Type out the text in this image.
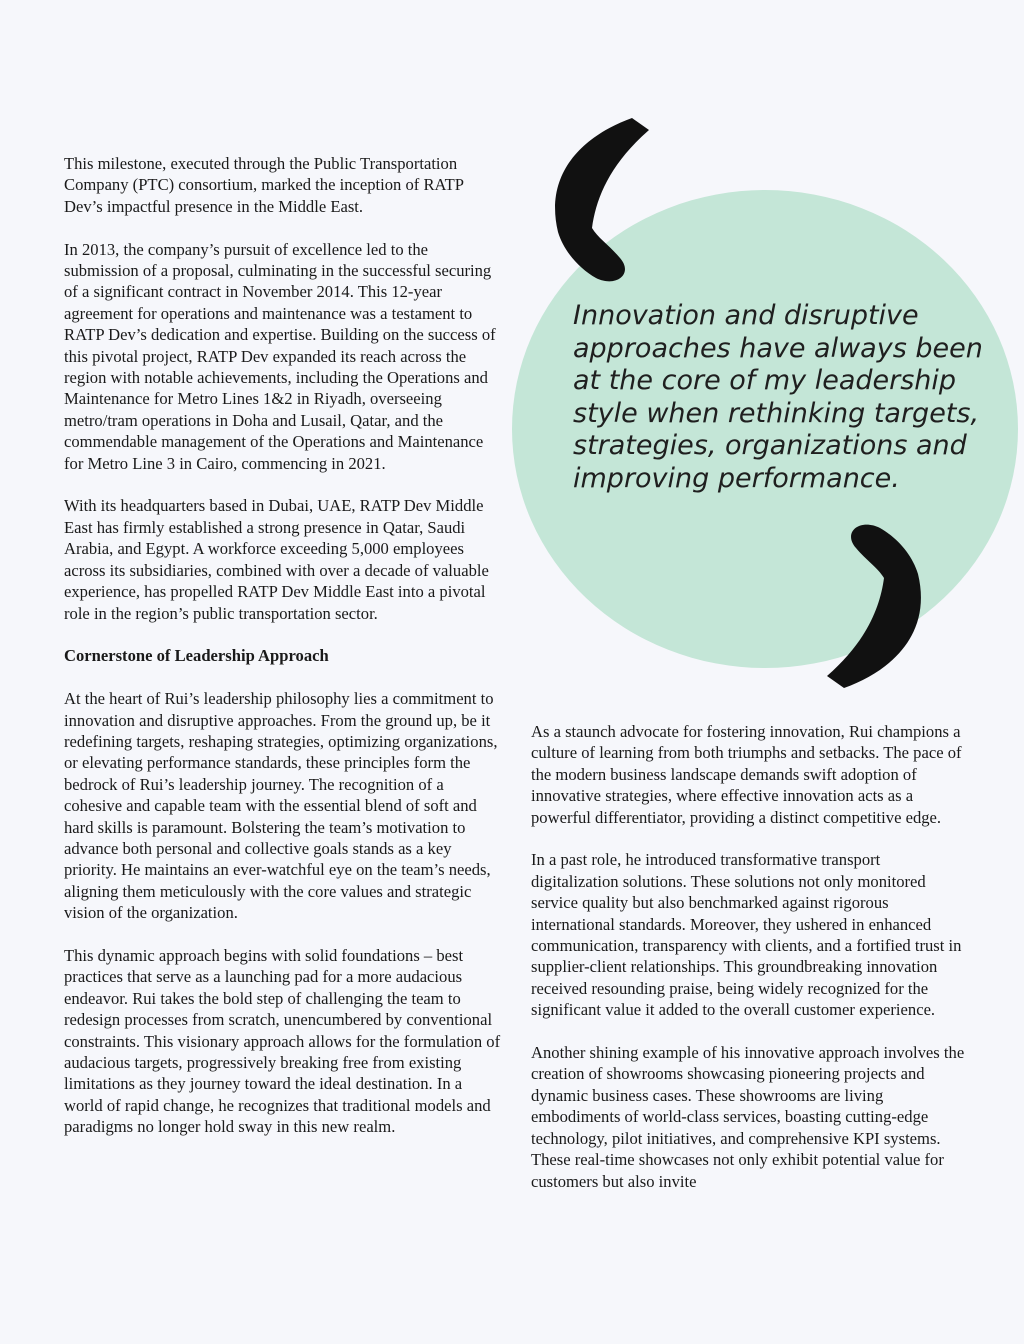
This milestone, executed through the Public Transportation Company (PTC) consortium, marked the inception of RATP Dev’s impactful presence in the Middle East.

In 2013, the company’s pursuit of excellence led to the submission of a proposal, culminating in the successful securing of a significant contract in November 2014. This 12-year agreement for operations and maintenance was a testament to RATP Dev’s dedication and expertise. Building on the success of this pivotal project, RATP Dev expanded its reach across the region with notable achievements, including the Operations and Maintenance for Metro Lines 1&2 in Riyadh, overseeing metro/tram operations in Doha and Lusail, Qatar, and the commendable management of the Operations and Maintenance for Metro Line 3 in Cairo, commencing in 2021.

With its headquarters based in Dubai, UAE, RATP Dev Middle East has firmly established a strong presence in Qatar, Saudi Arabia, and Egypt. A workforce exceeding 5,000 employees across its subsidiaries, combined with over a decade of valuable experience, has propelled RATP Dev Middle East into a pivotal role in the region’s public transportation sector.

Cornerstone of Leadership Approach

At the heart of Rui’s leadership philosophy lies a commitment to innovation and disruptive approaches. From the ground up, be it redefining targets, reshaping strategies, optimizing organizations, or elevating performance standards, these principles form the bedrock of Rui’s leadership journey. The recognition of a cohesive and capable team with the essential blend of soft and hard skills is paramount. Bolstering the team’s motivation to advance both personal and collective goals stands as a key priority. He maintains an ever-watchful eye on the team’s needs, aligning them meticulously with the core values and strategic vision of the organization.

This dynamic approach begins with solid foundations – best practices that serve as a launching pad for a more audacious endeavor. Rui takes the bold step of challenging the team to redesign processes from scratch, unencumbered by conventional constraints. This visionary approach allows for the formulation of audacious targets, progressively breaking free from existing limitations as they journey toward the ideal destination. In a world of rapid change, he recognizes that traditional models and paradigms no longer hold sway in this new realm.

Innovation and disruptive approaches have always been at the core of my leadership style when rethinking targets, strategies, organizations and improving performance.

As a staunch advocate for fostering innovation, Rui champions a culture of learning from both triumphs and setbacks. The pace of the modern business landscape demands swift adoption of innovative strategies, where effective innovation acts as a powerful differentiator, providing a distinct competitive edge.

In a past role, he introduced transformative transport digitalization solutions. These solutions not only monitored service quality but also benchmarked against rigorous international standards. Moreover, they ushered in enhanced communication, transparency with clients, and a fortified trust in supplier-client relationships. This groundbreaking innovation received resounding praise, being widely recognized for the significant value it added to the overall customer experience.

Another shining example of his innovative approach involves the creation of showrooms showcasing pioneering projects and dynamic business cases. These showrooms are living embodiments of world-class services, boasting cutting-edge technology, pilot initiatives, and comprehensive KPI systems. These real-time showcases not only exhibit potential value for customers but also invite
